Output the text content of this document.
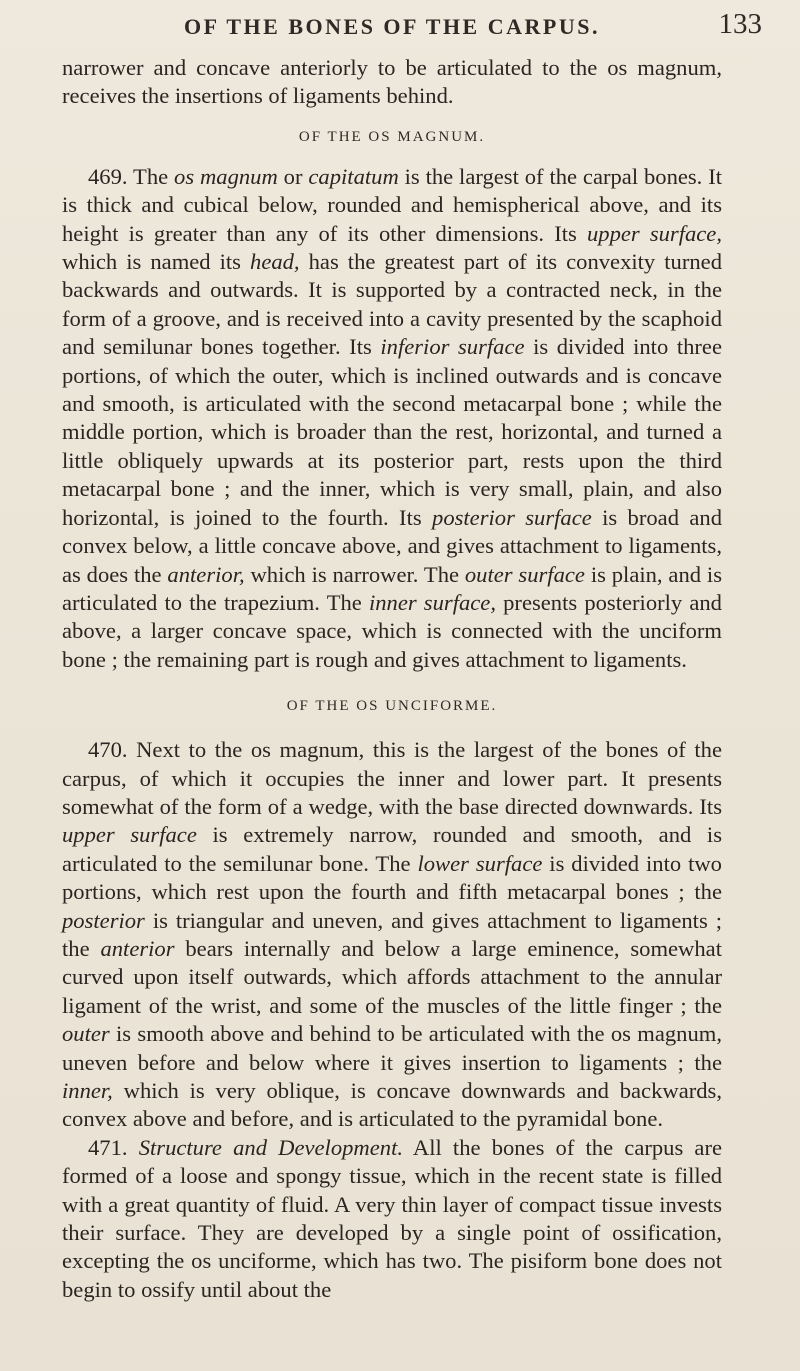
OF THE BONES OF THE CARPUS.	133

narrower and concave anteriorly to be articulated to the os magnum, receives the insertions of ligaments behind.

OF THE OS MAGNUM.

469. The os magnum or capitatum is the largest of the carpal bones. It is thick and cubical below, rounded and hemispherical above, and its height is greater than any of its other dimensions. Its upper surface, which is named its head, has the greatest part of its convexity turned backwards and outwards. It is supported by a contracted neck, in the form of a groove, and is received into a cavity presented by the scaphoid and semilunar bones together. Its inferior surface is divided into three portions, of which the outer, which is inclined outwards and is concave and smooth, is articulated with the second metacarpal bone ; while the middle portion, which is broader than the rest, horizontal, and turned a little obliquely upwards at its posterior part, rests upon the third metacarpal bone ; and the inner, which is very small, plain, and also horizontal, is joined to the fourth. Its posterior surface is broad and convex below, a little concave above, and gives attachment to ligaments, as does the anterior, which is narrower. The outer surface is plain, and is articulated to the trapezium. The inner surface, presents posteriorly and above, a larger concave space, which is connected with the unciform bone ; the remaining part is rough and gives attachment to ligaments.

OF THE OS UNCIFORME.

470. Next to the os magnum, this is the largest of the bones of the carpus, of which it occupies the inner and lower part. It presents somewhat of the form of a wedge, with the base directed downwards. Its upper surface is extremely narrow, rounded and smooth, and is articulated to the semilunar bone. The lower surface is divided into two portions, which rest upon the fourth and fifth metacarpal bones ; the posterior is triangular and uneven, and gives attachment to ligaments ; the anterior bears internally and below a large eminence, somewhat curved upon itself outwards, which affords attachment to the annular ligament of the wrist, and some of the muscles of the little finger ; the outer is smooth above and behind to be articulated with the os magnum, uneven before and below where it gives insertion to ligaments ; the inner, which is very oblique, is concave downwards and backwards, convex above and before, and is articulated to the pyramidal bone.

471. Structure and Development. All the bones of the carpus are formed of a loose and spongy tissue, which in the recent state is filled with a great quantity of fluid. A very thin layer of compact tissue invests their surface. They are developed by a single point of ossification, excepting the os unciforme, which has two. The pisiform bone does not begin to ossify until about the
